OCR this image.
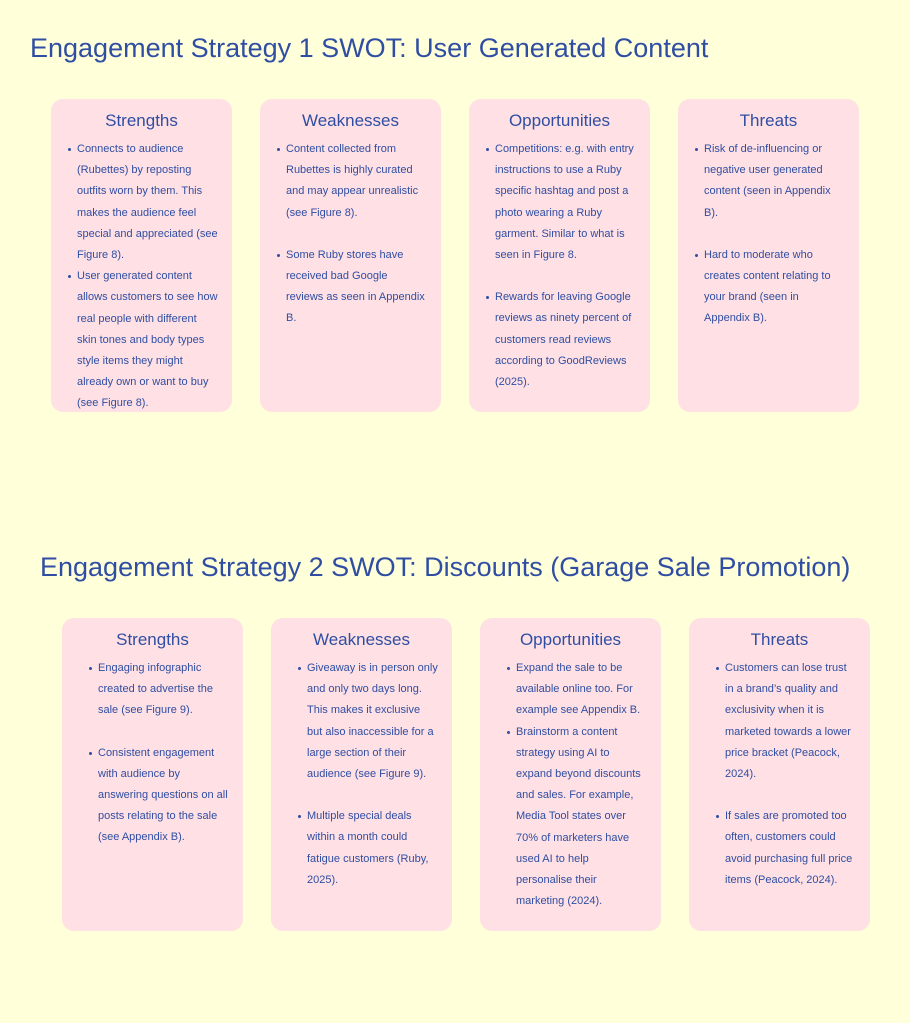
Engagement Strategy 1 SWOT: User Generated Content
Strengths
Connects to audience (Rubettes) by reposting outfits worn by them. This makes the audience feel special and appreciated (see Figure 8).
User generated content allows customers to see how real people with different skin tones and body types style items they might already own or want to buy (see Figure 8).
Weaknesses
Content collected from Rubettes is highly curated and may appear unrealistic (see Figure 8).
Some Ruby stores have received bad Google reviews as seen in Appendix B.
Opportunities
Competitions: e.g. with entry instructions to use a Ruby specific hashtag and post a photo wearing a Ruby garment. Similar to what is seen in Figure 8.
Rewards for leaving Google reviews as ninety percent of customers read reviews according to GoodReviews (2025).
Threats
Risk of de-influencing or negative user generated content (seen in Appendix B).
Hard to moderate who creates content relating to your brand (seen in Appendix B).
Engagement Strategy 2 SWOT: Discounts (Garage Sale Promotion)
Strengths
Engaging infographic created to advertise the sale (see Figure 9).
Consistent engagement with audience by answering questions on all posts relating to the sale (see Appendix B).
Weaknesses
Giveaway is in person only and only two days long. This makes it exclusive but also inaccessible for a large section of their audience (see Figure 9).
Multiple special deals within a month could fatigue customers (Ruby, 2025).
Opportunities
Expand the sale to be available online too. For example see Appendix B.
Brainstorm a content strategy using AI to expand beyond discounts and sales. For example, Media Tool states over 70% of marketers have used AI to help personalise their marketing (2024).
Threats
Customers can lose trust in a brand’s quality and exclusivity when it is marketed towards a lower price bracket (Peacock, 2024).
If sales are promoted too often, customers could avoid purchasing full price items (Peacock, 2024).
